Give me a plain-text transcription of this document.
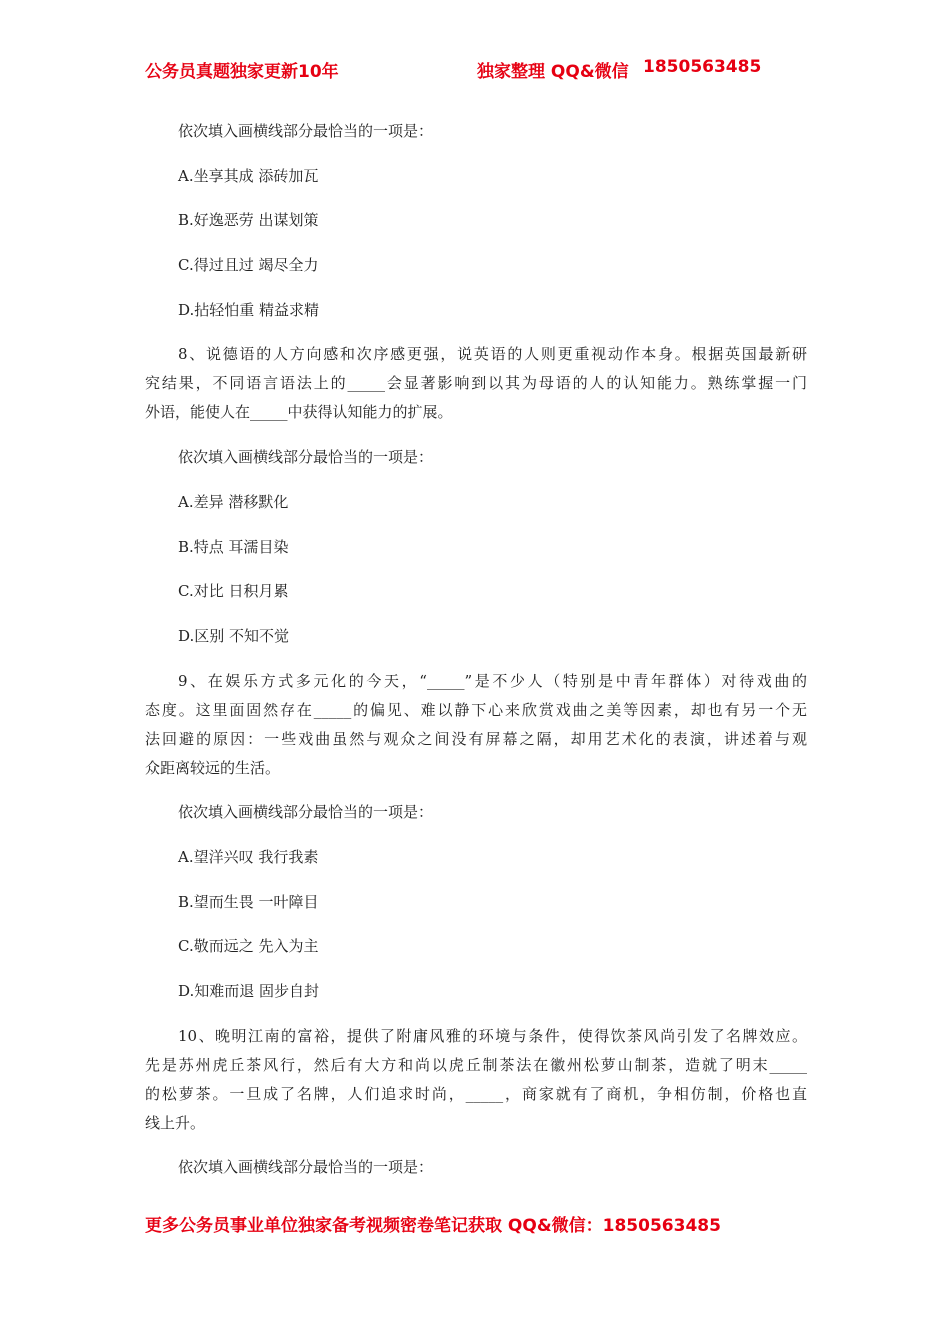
公务员真题独家更新10年	独家整理 QQ&微信 1850563485
依次填入画横线部分最恰当的一项是：
A.坐享其成 添砖加瓦
B.好逸恶劳 出谋划策
C.得过且过 竭尽全力
D.拈轻怕重 精益求精
8、说德语的人方向感和次序感更强，说英语的人则更重视动作本身。根据英国最新研
究结果，不同语言语法上的_____会显著影响到以其为母语的人的认知能力。熟练掌握一门
外语，能使人在_____中获得认知能力的扩展。
依次填入画横线部分最恰当的一项是：
A.差异 潜移默化
B.特点 耳濡目染
C.对比 日积月累
D.区别 不知不觉
9、在娱乐方式多元化的今天，“_____”是不少人（特别是中青年群体）对待戏曲的
态度。这里面固然存在_____的偏见、难以静下心来欣赏戏曲之美等因素，却也有另一个无
法回避的原因：一些戏曲虽然与观众之间没有屏幕之隔，却用艺术化的表演，讲述着与观
众距离较远的生活。
依次填入画横线部分最恰当的一项是：
A.望洋兴叹 我行我素
B.望而生畏 一叶障目
C.敬而远之 先入为主
D.知难而退 固步自封
10、晚明江南的富裕，提供了附庸风雅的环境与条件，使得饮茶风尚引发了名牌效应。
先是苏州虎丘茶风行，然后有大方和尚以虎丘制茶法在徽州松萝山制茶，造就了明末_____
的松萝茶。一旦成了名牌，人们追求时尚，_____，商家就有了商机，争相仿制，价格也直
线上升。
依次填入画横线部分最恰当的一项是：
更多公务员事业单位独家备考视频密卷笔记获取 QQ&微信：1850563485
